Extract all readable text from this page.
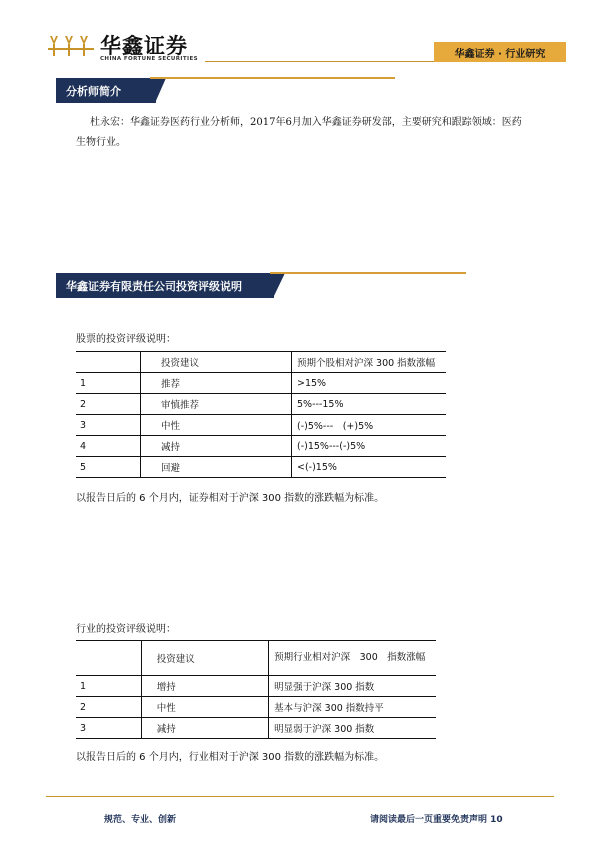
华鑫证券
CHINA FORTUNE SECURITIES	华鑫证券 · 行业研究
分析师简介
杜永宏：华鑫证券医药行业分析师，2017年6月加入华鑫证券研发部，主要研究和跟踪领域：医药生物行业。
华鑫证券有限责任公司投资评级说明
股票的投资评级说明：
	投资建议	预期个股相对沪深 300 指数涨幅
1	推荐	>15%
2	审慎推荐	5%---15%
3	中性	(-)5%---　(+)5%
4	减持	(-)15%---(-)5%
5	回避	<(-)15%
以报告日后的 6 个月内，证券相对于沪深 300 指数的涨跌幅为标准。
行业的投资评级说明：
	投资建议	预期行业相对沪深　300　指数涨幅
1	增持	明显强于沪深 300 指数
2	中性	基本与沪深 300 指数持平
3	减持	明显弱于沪深 300 指数
以报告日后的 6 个月内，行业相对于沪深 300 指数的涨跌幅为标准。
规范、专业、创新	请阅读最后一页重要免责声明 10
